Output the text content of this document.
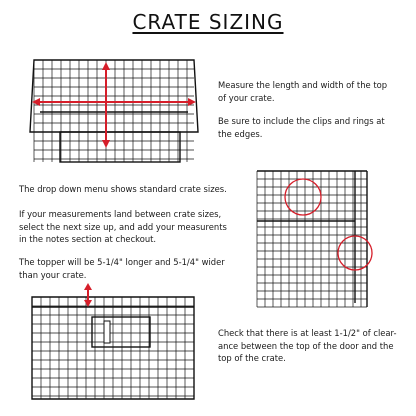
CRATE SIZING
Measure the length and width of the top of your crate.
Be sure to include the clips and rings at the edges.
The drop down menu shows standard crate sizes.
If your measurements land between crate sizes, select the next size up, and add your measurents in the notes section at checkout.
The topper will be 5-1/4" longer and 5-1/4" wider than your crate.
Check that there is at least 1-1/2" of clear-ance between the top of the door and the top of the crate.
